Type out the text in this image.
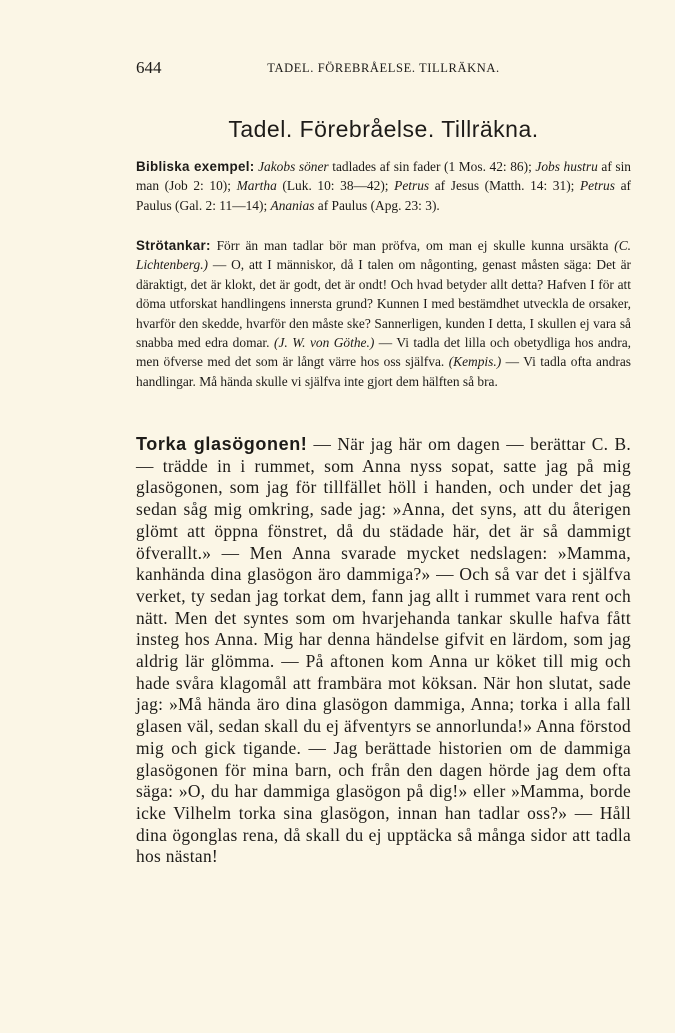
644	TADEL. FÖREBRÅELSE. TILLRÄKNA.
Tadel. Förebråelse. Tillräkna.
Bibliska exempel: Jakobs söner tadlades af sin fader (1 Mos. 42: 86); Jobs hustru af sin man (Job 2: 10); Martha (Luk. 10: 38—42); Petrus af Jesus (Matth. 14: 31); Petrus af Paulus (Gal. 2: 11—14); Ananias af Paulus (Apg. 23: 3).
Strötankar: Förr än man tadlar bör man pröfva, om man ej skulle kunna ursäkta (C. Lichtenberg.) — O, att I människor, då I talen om någonting, genast måsten säga: Det är däraktigt, det är klokt, det är godt, det är ondt! Och hvad betyder allt detta? Hafven I för att döma utforskat handlingens innersta grund? Kunnen I med bestämdhet utveckla de orsaker, hvarför den skedde, hvarför den måste ske? Sannerligen, kunden I detta, I skullen ej vara så snabba med edra domar. (J. W. von Göthe.) — Vi tadla det lilla och obetydliga hos andra, men öfverse med det som är långt värre hos oss själfva. (Kempis.) — Vi tadla ofta andras handlingar. Må hända skulle vi själfva inte gjort dem hälften så bra.
Torka glasögonen! — När jag här om dagen — berättar C. B. — trädde in i rummet, som Anna nyss sopat, satte jag på mig glasögonen, som jag för tillfället höll i handen, och under det jag sedan såg mig omkring, sade jag: »Anna, det syns, att du återigen glömt att öppna fönstret, då du städade här, det är så dammigt öfverallt.» — Men Anna svarade mycket nedslagen: »Mamma, kanhända dina glasögon äro dammiga?» — Och så var det i själfva verket, ty sedan jag torkat dem, fann jag allt i rummet vara rent och nätt. Men det syntes som om hvarjehanda tankar skulle hafva fått insteg hos Anna. Mig har denna händelse gifvit en lärdom, som jag aldrig lär glömma. — På aftonen kom Anna ur köket till mig och hade svåra klagomål att frambära mot köksan. När hon slutat, sade jag: »Må hända äro dina glasögon dammiga, Anna; torka i alla fall glasen väl, sedan skall du ej äfventyrs se annorlunda!» Anna förstod mig och gick tigande. — Jag berättade historien om de dammiga glasögonen för mina barn, och från den dagen hörde jag dem ofta säga: »O, du har dammiga glasögon på dig!» eller »Mamma, borde icke Vilhelm torka sina glasögon, innan han tadlar oss?» — Håll dina ögonglas rena, då skall du ej upptäcka så många sidor att tadla hos nästan!
